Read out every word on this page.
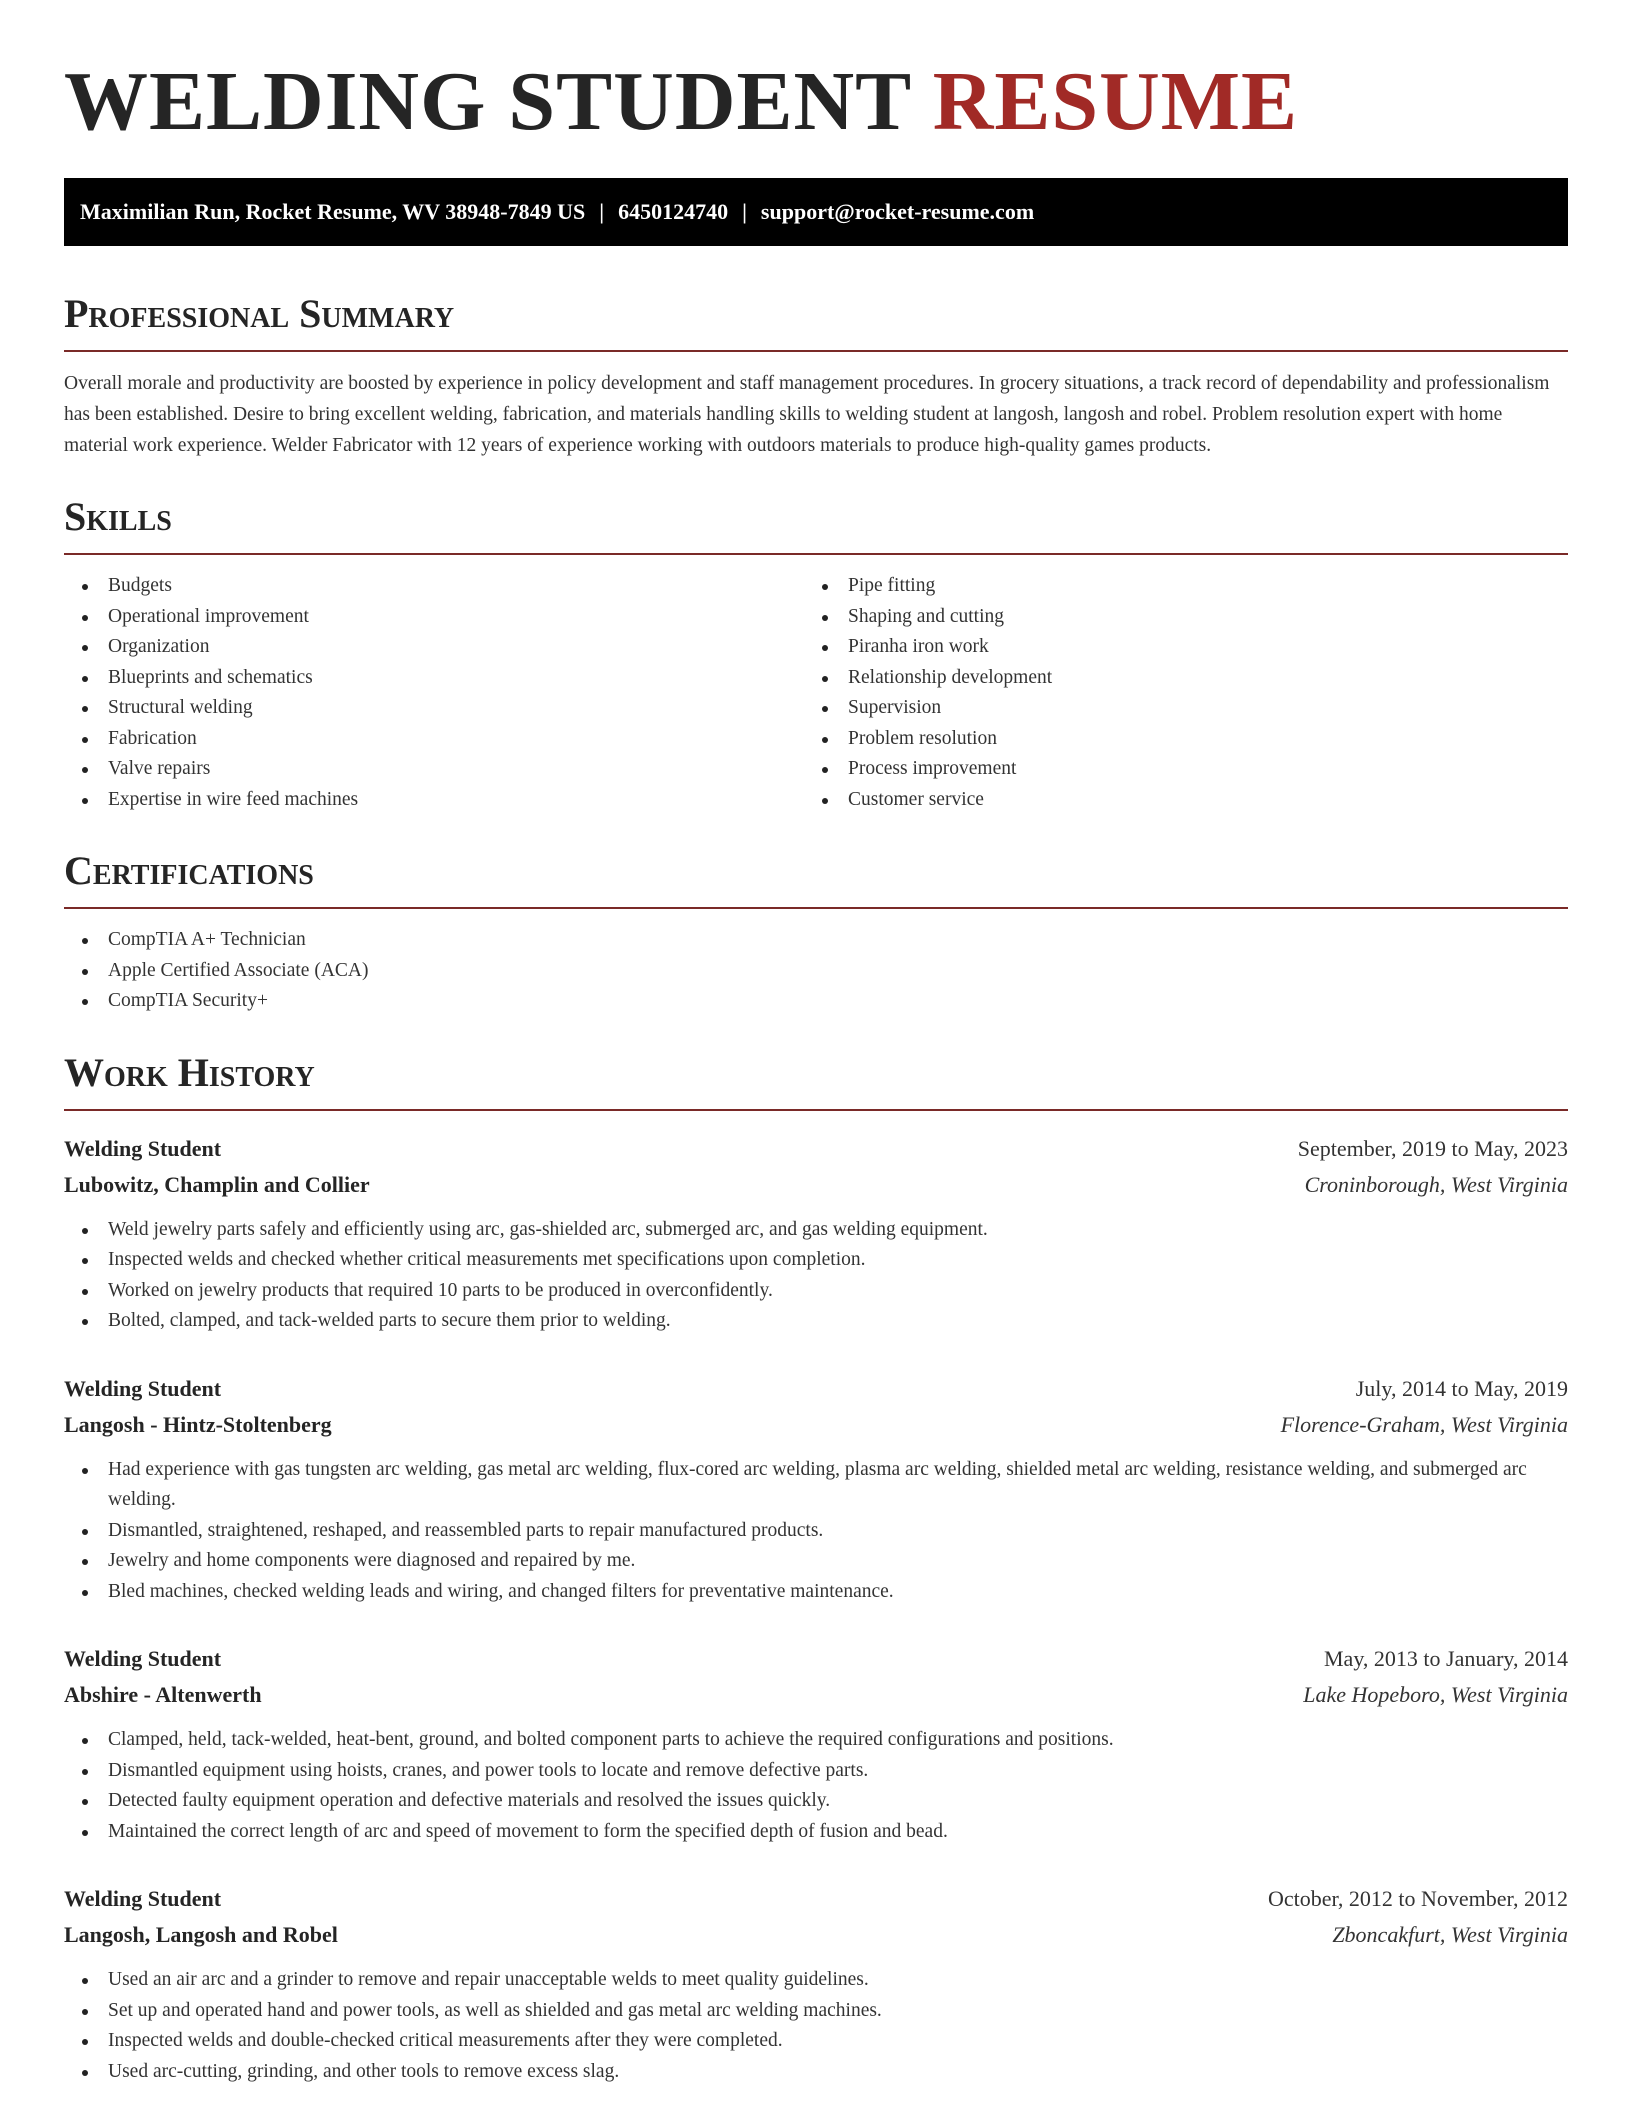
WELDING STUDENT RESUME
Maximilian Run, Rocket Resume, WV 38948-7849 US | 6450124740 | support@rocket-resume.com
Professional Summary

Overall morale and productivity are boosted by experience in policy development and staff management procedures. In grocery situations, a track record of dependability and professionalism has been established. Desire to bring excellent welding, fabrication, and materials handling skills to welding student at langosh, langosh and robel. Problem resolution expert with home material work experience. Welder Fabricator with 12 years of experience working with outdoors materials to produce high-quality games products.

Skills
Budgets
Operational improvement
Organization
Blueprints and schematics
Structural welding
Fabrication
Valve repairs
Expertise in wire feed machines
Pipe fitting
Shaping and cutting
Piranha iron work
Relationship development
Supervision
Problem resolution
Process improvement
Customer service
Certifications
CompTIA A+ Technician
Apple Certified Associate (ACA)
CompTIA Security+
Work History
Welding Student	September, 2019 to May, 2023
Lubowitz, Champlin and Collier	Croninborough, West Virginia
Weld jewelry parts safely and efficiently using arc, gas-shielded arc, submerged arc, and gas welding equipment.
Inspected welds and checked whether critical measurements met specifications upon completion.
Worked on jewelry products that required 10 parts to be produced in overconfidently.
Bolted, clamped, and tack-welded parts to secure them prior to welding.
Welding Student	July, 2014 to May, 2019
Langosh - Hintz-Stoltenberg	Florence-Graham, West Virginia
Had experience with gas tungsten arc welding, gas metal arc welding, flux-cored arc welding, plasma arc welding, shielded metal arc welding, resistance welding, and submerged arc welding.
Dismantled, straightened, reshaped, and reassembled parts to repair manufactured products.
Jewelry and home components were diagnosed and repaired by me.
Bled machines, checked welding leads and wiring, and changed filters for preventative maintenance.
Welding Student	May, 2013 to January, 2014
Abshire - Altenwerth	Lake Hopeboro, West Virginia
Clamped, held, tack-welded, heat-bent, ground, and bolted component parts to achieve the required configurations and positions.
Dismantled equipment using hoists, cranes, and power tools to locate and remove defective parts.
Detected faulty equipment operation and defective materials and resolved the issues quickly.
Maintained the correct length of arc and speed of movement to form the specified depth of fusion and bead.
Welding Student	October, 2012 to November, 2012
Langosh, Langosh and Robel	Zboncakfurt, West Virginia
Used an air arc and a grinder to remove and repair unacceptable welds to meet quality guidelines.
Set up and operated hand and power tools, as well as shielded and gas metal arc welding machines.
Inspected welds and double-checked critical measurements after they were completed.
Used arc-cutting, grinding, and other tools to remove excess slag.
